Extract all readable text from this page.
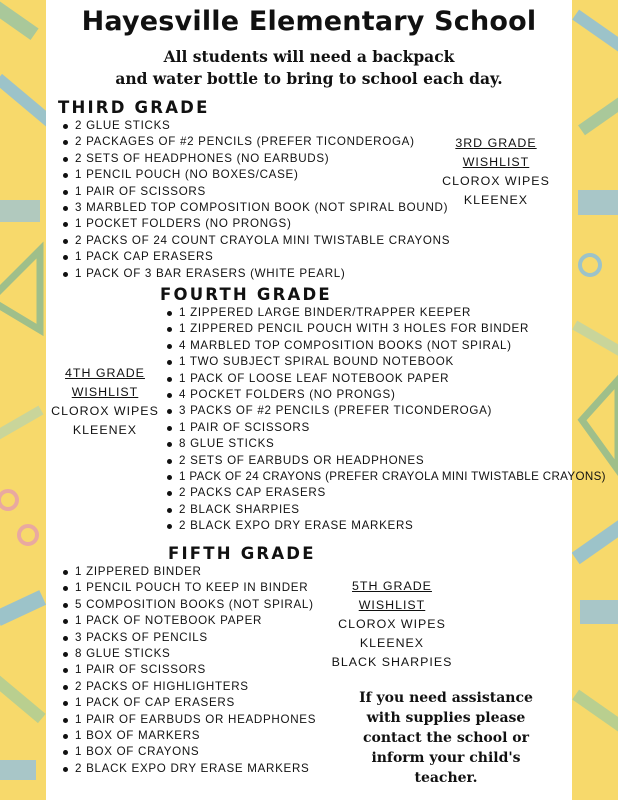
Hayesville Elementary School
All students will need a backpack
and water bottle to bring to school each day.
THIRD GRADE
2 GLUE STICKS
2 PACKAGES OF #2 PENCILS (PREFER TICONDEROGA)
2 SETS OF HEADPHONES (NO EARBUDS)
1 PENCIL POUCH (NO BOXES/CASE)
1 PAIR OF SCISSORS
3 MARBLED TOP COMPOSITION BOOK (NOT SPIRAL BOUND)
1 POCKET FOLDERS (NO PRONGS)
2 PACKS OF 24 COUNT CRAYOLA MINI TWISTABLE CRAYONS
1 PACK CAP ERASERS
1 PACK OF 3 BAR ERASERS (WHITE PEARL)
3RD GRADE
WISHLIST
CLOROX WIPES
KLEENEX
FOURTH GRADE
1 ZIPPERED LARGE BINDER/TRAPPER KEEPER
1 ZIPPERED PENCIL POUCH WITH 3 HOLES FOR BINDER
4 MARBLED TOP COMPOSITION BOOKS (NOT SPIRAL)
1 TWO SUBJECT SPIRAL BOUND NOTEBOOK
1 PACK OF LOOSE LEAF NOTEBOOK PAPER
4 POCKET FOLDERS (NO PRONGS)
3 PACKS OF #2 PENCILS (PREFER TICONDEROGA)
1 PAIR OF SCISSORS
8 GLUE STICKS
2 SETS OF EARBUDS OR HEADPHONES
1 PACK OF 24 CRAYONS (PREFER CRAYOLA MINI TWISTABLE CRAYONS)
2 PACKS CAP ERASERS
2 BLACK SHARPIES
2 BLACK EXPO DRY ERASE MARKERS
4TH GRADE
WISHLIST
CLOROX WIPES
KLEENEX
FIFTH GRADE
1 ZIPPERED BINDER
1 PENCIL POUCH TO KEEP IN BINDER
5 COMPOSITION BOOKS (NOT SPIRAL)
1 PACK OF NOTEBOOK PAPER
3 PACKS OF PENCILS
8 GLUE STICKS
1 PAIR OF SCISSORS
2 PACKS OF HIGHLIGHTERS
1 PACK OF CAP ERASERS
1 PAIR OF EARBUDS OR HEADPHONES
1 BOX OF MARKERS
1 BOX OF CRAYONS
2 BLACK EXPO DRY ERASE MARKERS
5TH GRADE
WISHLIST
CLOROX WIPES
KLEENEX
BLACK SHARPIES
If you need assistance
with supplies please
contact the school or
inform your child's
teacher.
